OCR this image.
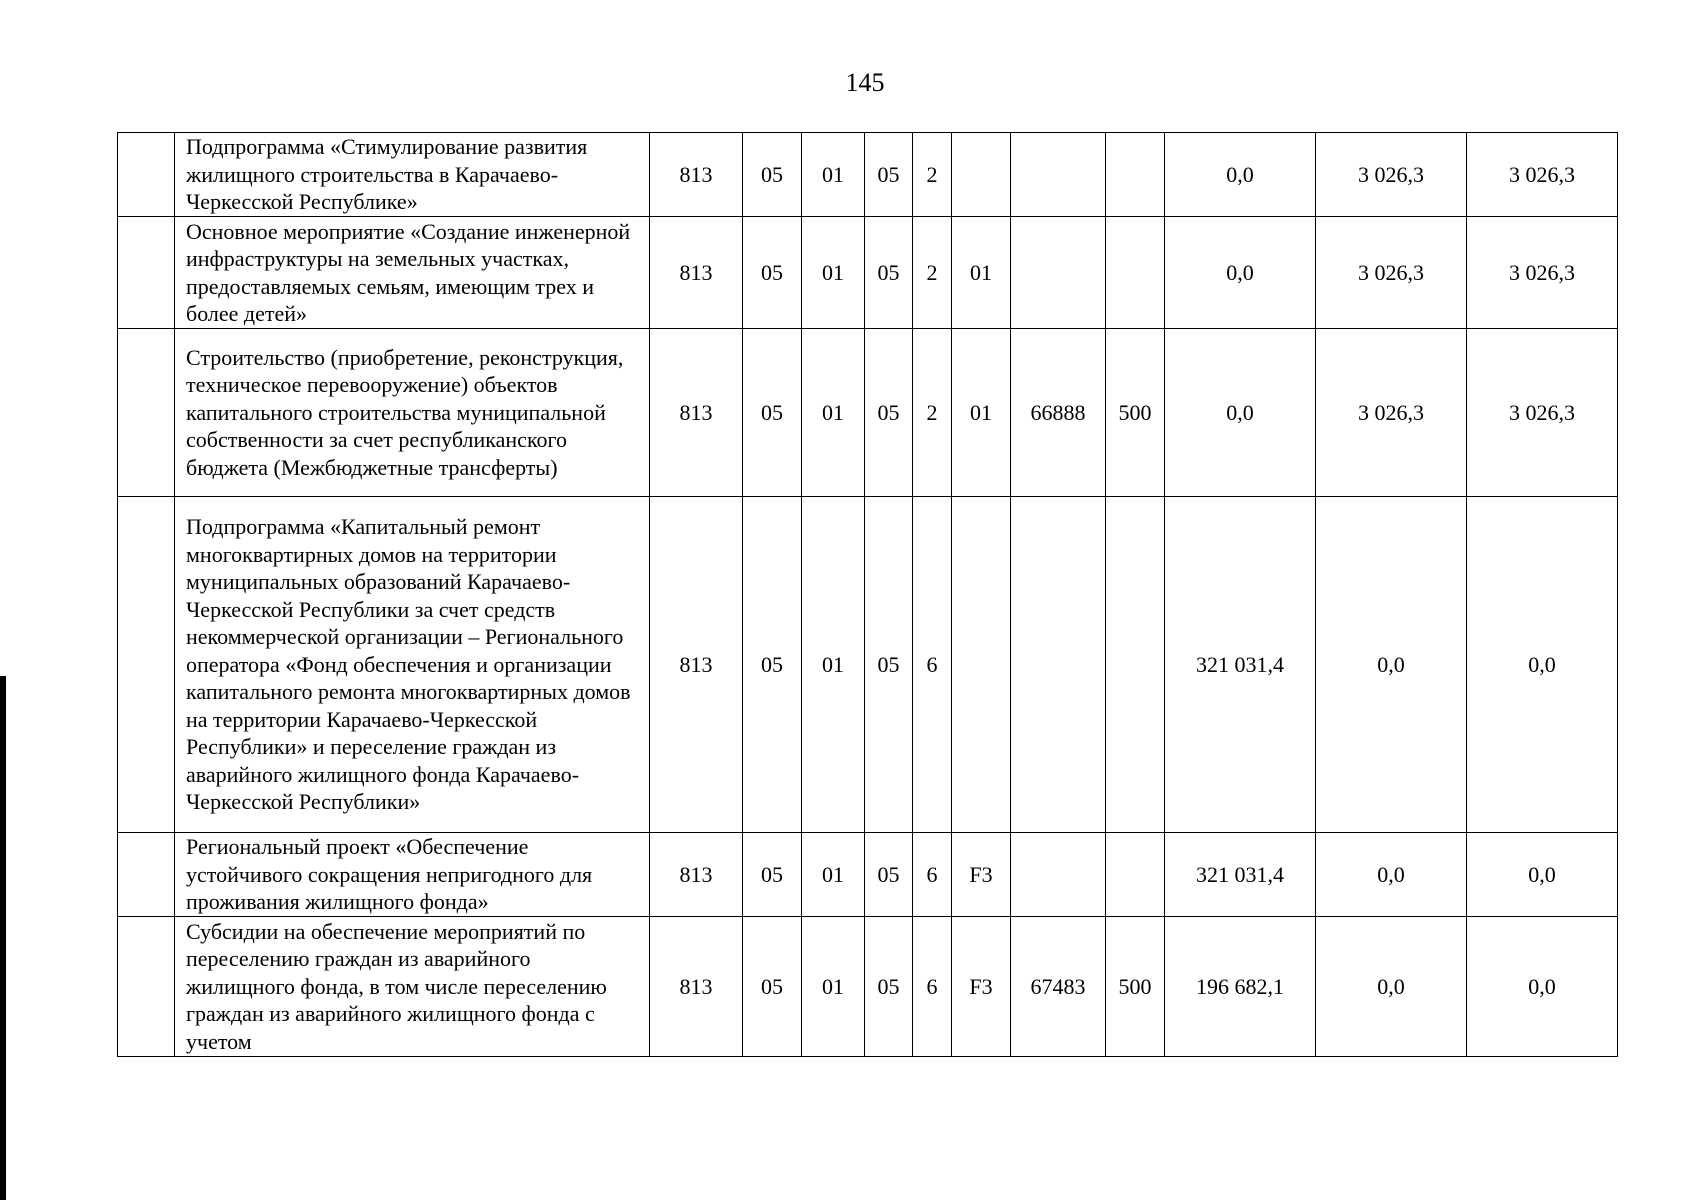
145
	Подпрограмма «Стимулирование развития жилищного строительства в Карачаево-Черкесской Республике»	813	05	01	05	2				0,0	3 026,3	3 026,3
	Основное мероприятие «Создание инженерной инфраструктуры на земельных участках, предоставляемых семьям, имеющим трех и более детей»	813	05	01	05	2	01			0,0	3 026,3	3 026,3
	Строительство (приобретение, реконструкция, техническое перевооружение) объектов капитального строительства муниципальной собственности за счет республиканского бюджета (Межбюджетные трансферты)	813	05	01	05	2	01	66888	500	0,0	3 026,3	3 026,3
	Подпрограмма «Капитальный ремонт многоквартирных домов на территории муниципальных образований Карачаево-Черкесской Республики за счет средств некоммерческой организации – Регионального оператора «Фонд обеспечения и организации капитального ремонта многоквартирных домов на территории Карачаево-Черкесской Республики» и переселение граждан из аварийного жилищного фонда Карачаево-Черкесской Республики»	813	05	01	05	6				321 031,4	0,0	0,0
	Региональный проект «Обеспечение устойчивого сокращения непригодного для проживания жилищного фонда»	813	05	01	05	6	F3			321 031,4	0,0	0,0
	Субсидии на обеспечение мероприятий по переселению граждан из аварийного жилищного фонда, в том числе переселению граждан из аварийного жилищного фонда с учетом	813	05	01	05	6	F3	67483	500	196 682,1	0,0	0,0
